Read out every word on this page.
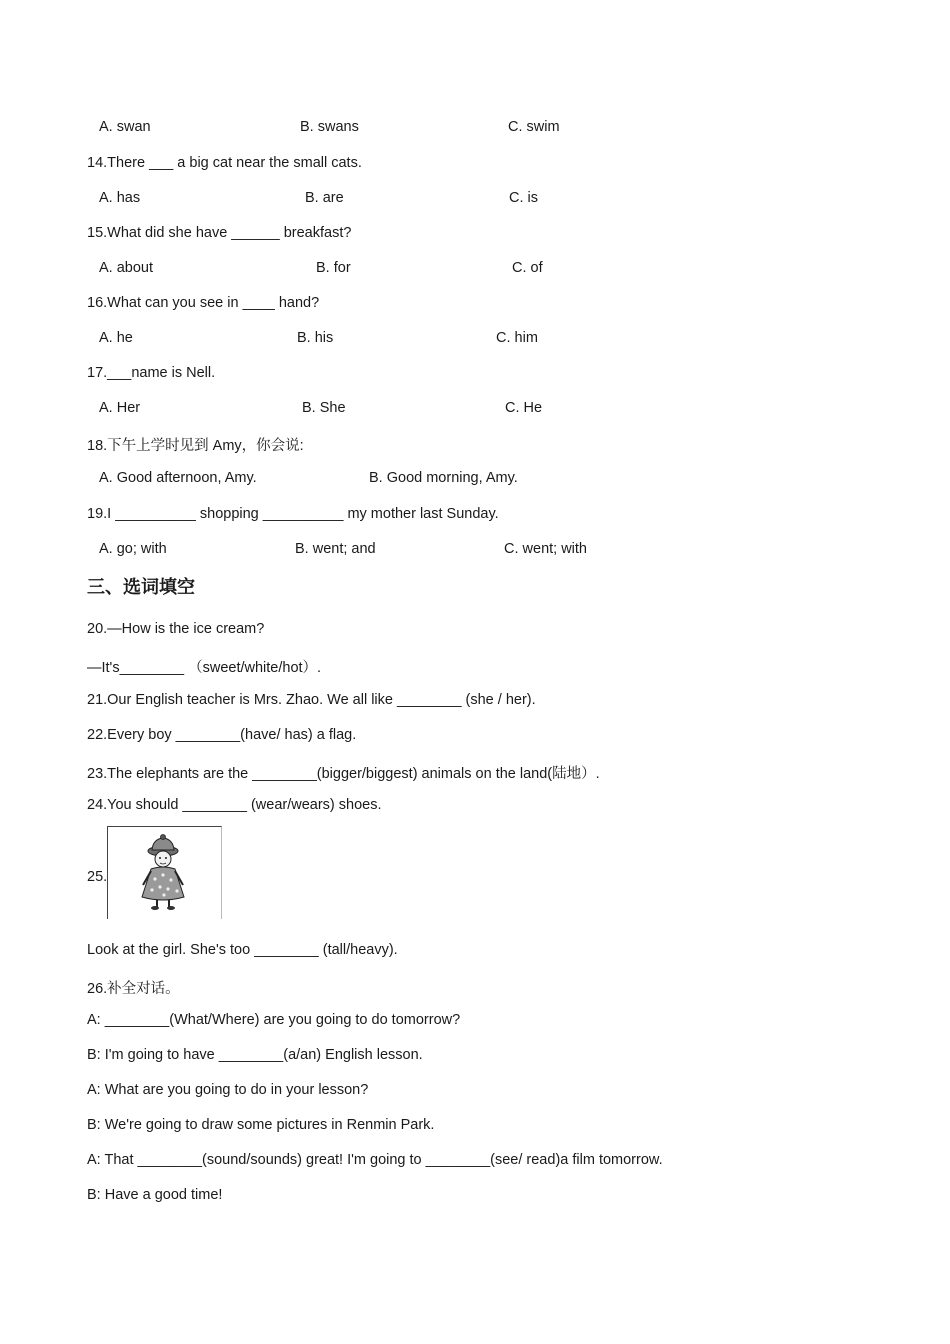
A. swan	B. swans	C. swim
14.There ___ a big cat near the small cats.
A. has	B. are	C. is
15.What did she have ______ breakfast?
A. about	B. for	C. of
16.What can you see in ____ hand?
A. he	B. his	C. him
17.___name is Nell.
A. Her	B. She	C. He
18.下午上学时见到 Amy，你会说:
A. Good afternoon, Amy.	B. Good morning, Amy.
19.I __________ shopping __________ my mother last Sunday.
A. go; with	B. went; and	C. went; with
三、选词填空
20.—How is the ice cream?
—It's________ （sweet/white/hot）.
21.Our English teacher is Mrs. Zhao. We all like ________ (she / her).
22.Every boy ________(have/ has) a flag.
23.The elephants are the ________(bigger/biggest) animals on the land(陆地）.
24.You should ________ (wear/wears) shoes.
25.
Look at the girl. She's too ________ (tall/heavy).
26.补全对话。
A: ________(What/Where) are you going to do tomorrow?
B: I'm going to have ________(a/an) English lesson.
A: What are you going to do in your lesson?
B: We're going to draw some pictures in Renmin Park.
A: That ________(sound/sounds) great! I'm going to ________(see/ read)a film tomorrow.
B: Have a good time!
